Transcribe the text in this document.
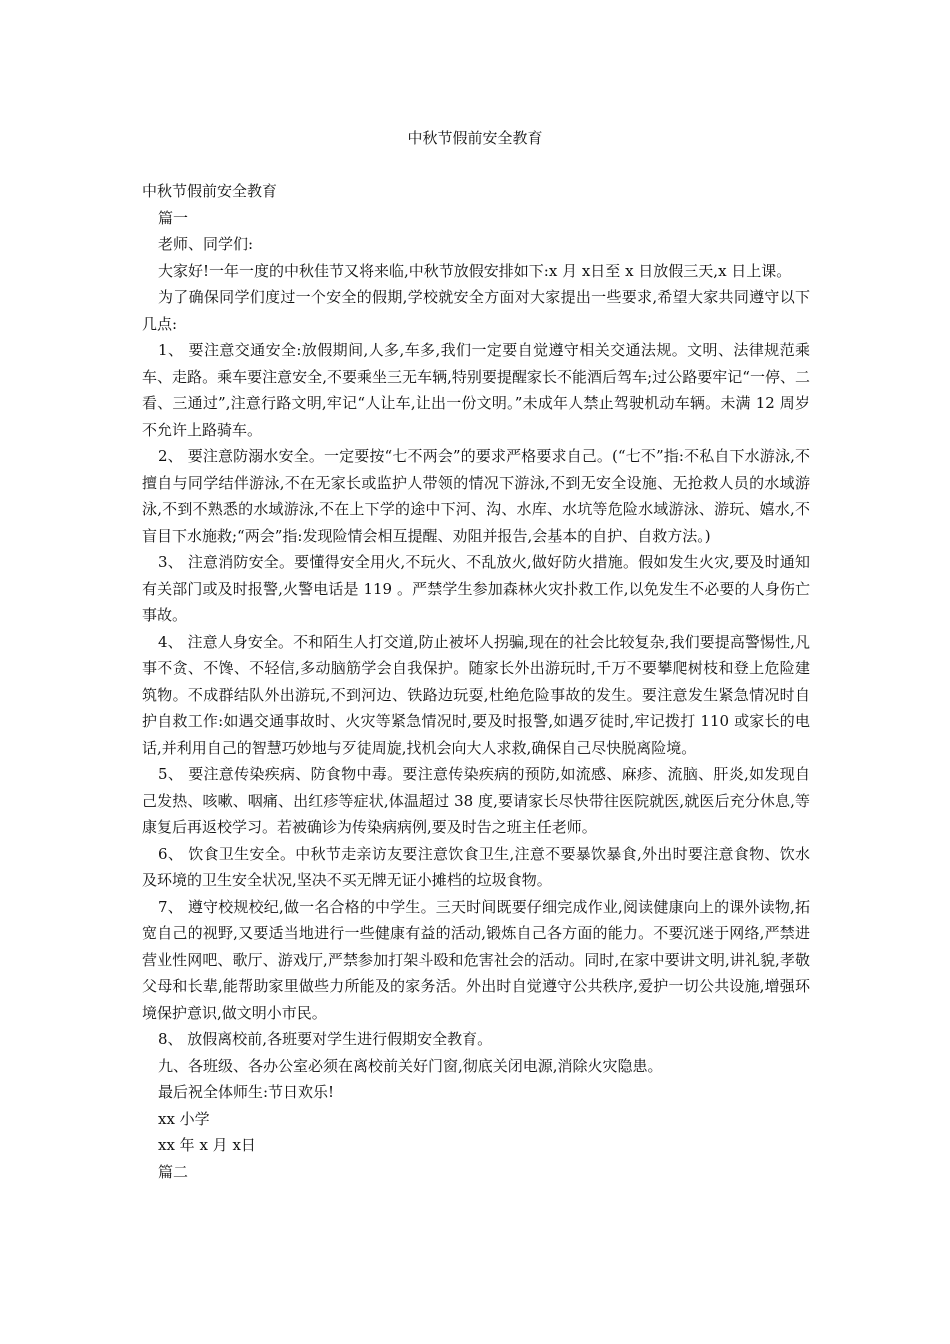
中秋节假前安全教育

中秋节假前安全教育

篇一

老师、同学们:

大家好!一年一度的中秋佳节又将来临,中秋节放假安排如下:x 月 x日至 x 日放假三天,x 日上课。

为了确保同学们度过一个安全的假期,学校就安全方面对大家提出一些要求,希望大家共同遵守以下几点:

1、 要注意交通安全:放假期间,人多,车多,我们一定要自觉遵守相关交通法规。文明、法律规范乘车、走路。乘车要注意安全,不要乘坐三无车辆,特别要提醒家长不能酒后驾车;过公路要牢记“一停、二看、三通过”,注意行路文明,牢记“人让车,让出一份文明。”未成年人禁止驾驶机动车辆。未满 12 周岁不允许上路骑车。

2、 要注意防溺水安全。一定要按“七不两会”的要求严格要求自己。(“七不”指:不私自下水游泳,不擅自与同学结伴游泳,不在无家长或监护人带领的情况下游泳,不到无安全设施、无抢救人员的水域游泳,不到不熟悉的水域游泳,不在上下学的途中下河、沟、水库、水坑等危险水域游泳、游玩、嬉水,不盲目下水施救;“两会”指:发现险情会相互提醒、劝阻并报告,会基本的自护、自救方法。)

3、 注意消防安全。要懂得安全用火,不玩火、不乱放火,做好防火措施。假如发生火灾,要及时通知有关部门或及时报警,火警电话是 119 。严禁学生参加森林火灾扑救工作,以免发生不必要的人身伤亡事故。

4、 注意人身安全。不和陌生人打交道,防止被坏人拐骗,现在的社会比较复杂,我们要提高警惕性,凡事不贪、不馋、不轻信,多动脑筋学会自我保护。随家长外出游玩时,千万不要攀爬树枝和登上危险建筑物。不成群结队外出游玩,不到河边、铁路边玩耍,杜绝危险事故的发生。要注意发生紧急情况时自护自救工作:如遇交通事故时、火灾等紧急情况时,要及时报警,如遇歹徒时,牢记拨打 110 或家长的电话,并利用自己的智慧巧妙地与歹徒周旋,找机会向大人求救,确保自己尽快脱离险境。

5、 要注意传染疾病、防食物中毒。要注意传染疾病的预防,如流感、麻疹、流脑、肝炎,如发现自己发热、咳嗽、咽痛、出红疹等症状,体温超过 38 度,要请家长尽快带往医院就医,就医后充分休息,等康复后再返校学习。若被确诊为传染病病例,要及时告之班主任老师。

6、 饮食卫生安全。中秋节走亲访友要注意饮食卫生,注意不要暴饮暴食,外出时要注意食物、饮水及环境的卫生安全状况,坚决不买无牌无证小摊档的垃圾食物。

7、 遵守校规校纪,做一名合格的中学生。三天时间既要仔细完成作业,阅读健康向上的课外读物,拓宽自己的视野,又要适当地进行一些健康有益的活动,锻炼自己各方面的能力。不要沉迷于网络,严禁进营业性网吧、歌厅、游戏厅,严禁参加打架斗殴和危害社会的活动。同时,在家中要讲文明,讲礼貌,孝敬父母和长辈,能帮助家里做些力所能及的家务活。外出时自觉遵守公共秩序,爱护一切公共设施,增强环境保护意识,做文明小市民。

8、 放假离校前,各班要对学生进行假期安全教育。

九、各班级、各办公室必须在离校前关好门窗,彻底关闭电源,消除火灾隐患。

最后祝全体师生:节日欢乐!

xx 小学

xx 年 x 月 x日

篇二
